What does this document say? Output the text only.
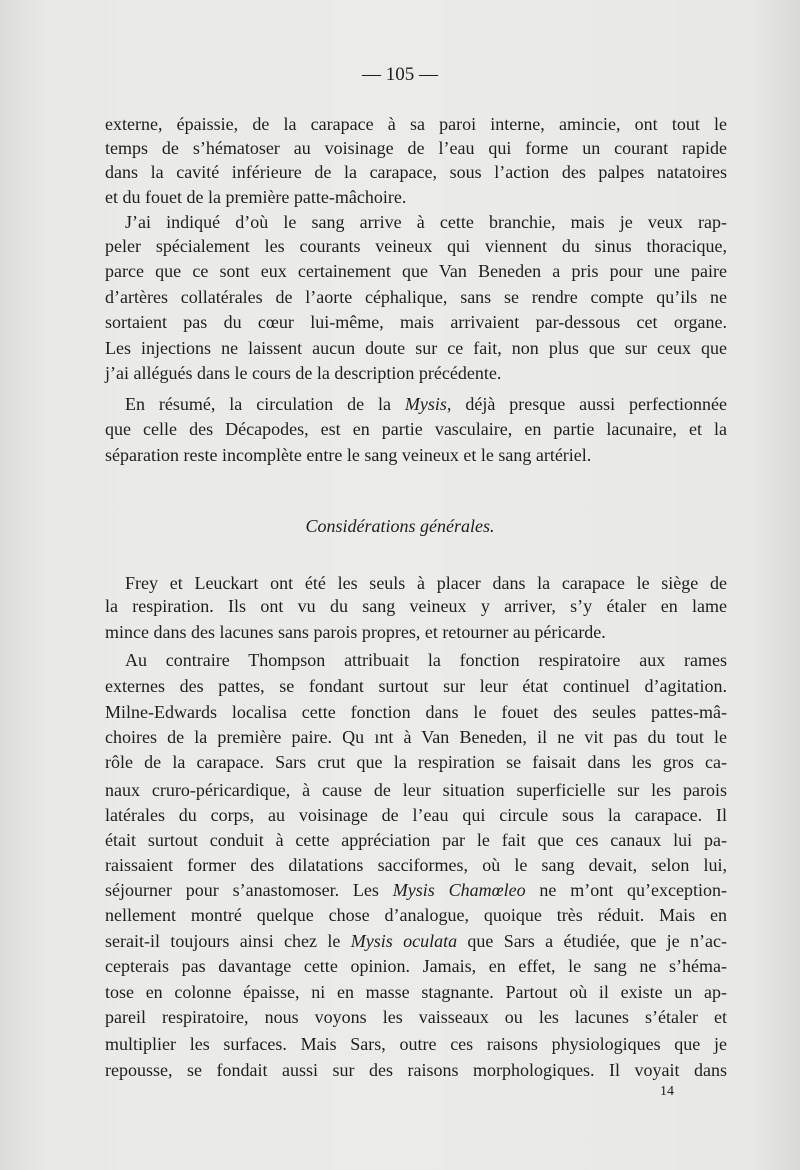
— 105 —
externe, épaissie, de la carapace à sa paroi interne, amincie, ont tout le
temps de s’hématoser au voisinage de l’eau qui forme un courant rapide
dans la cavité inférieure de la carapace, sous l’action des palpes natatoires
et du fouet de la première patte-mâchoire.
J’ai indiqué d’où le sang arrive à cette branchie, mais je veux rap-
peler spécialement les courants veineux qui viennent du sinus thoracique,
parce que ce sont eux certainement que Van Beneden a pris pour une paire
d’artères collatérales de l’aorte céphalique, sans se rendre compte qu’ils ne
sortaient pas du cœur lui-même, mais arrivaient par-dessous cet organe.
Les injections ne laissent aucun doute sur ce fait, non plus que sur ceux que
j’ai allégués dans le cours de la description précédente.
En résumé, la circulation de la Mysis, déjà presque aussi perfectionnée
que celle des Décapodes, est en partie vasculaire, en partie lacunaire, et la
séparation reste incomplète entre le sang veineux et le sang artériel.
Frey et Leuckart ont été les seuls à placer dans la carapace le siège de
la respiration. Ils ont vu du sang veineux y arriver, s’y étaler en lame
mince dans des lacunes sans parois propres, et retourner au péricarde.
Au contraire Thompson attribuait la fonction respiratoire aux rames
externes des pattes, se fondant surtout sur leur état continuel d’agitation.
Milne-Edwards localisa cette fonction dans le fouet des seules pattes-mâ-
choires de la première paire. Qu ınt à Van Beneden, il ne vit pas du tout le
rôle de la carapace. Sars crut que la respiration se faisait dans les gros ca-
naux cruro-péricardique, à cause de leur situation superficielle sur les parois
latérales du corps, au voisinage de l’eau qui circule sous la carapace. Il
était surtout conduit à cette appréciation par le fait que ces canaux lui pa-
raissaient former des dilatations sacciformes, où le sang devait, selon lui,
séjourner pour s’anastomoser. Les Mysis Chamœleo ne m’ont qu’exception-
nellement montré quelque chose d’analogue, quoique très réduit. Mais en
serait-il toujours ainsi chez le Mysis oculata que Sars a étudiée, que je n’ac-
cepterais pas davantage cette opinion. Jamais, en effet, le sang ne s’héma-
tose en colonne épaisse, ni en masse stagnante. Partout où il existe un ap-
pareil respiratoire, nous voyons les vaisseaux ou les lacunes s’étaler et
multiplier les surfaces. Mais Sars, outre ces raisons physiologiques que je
repousse, se fondait aussi sur des raisons morphologiques. Il voyait dans
Considérations générales.
14
